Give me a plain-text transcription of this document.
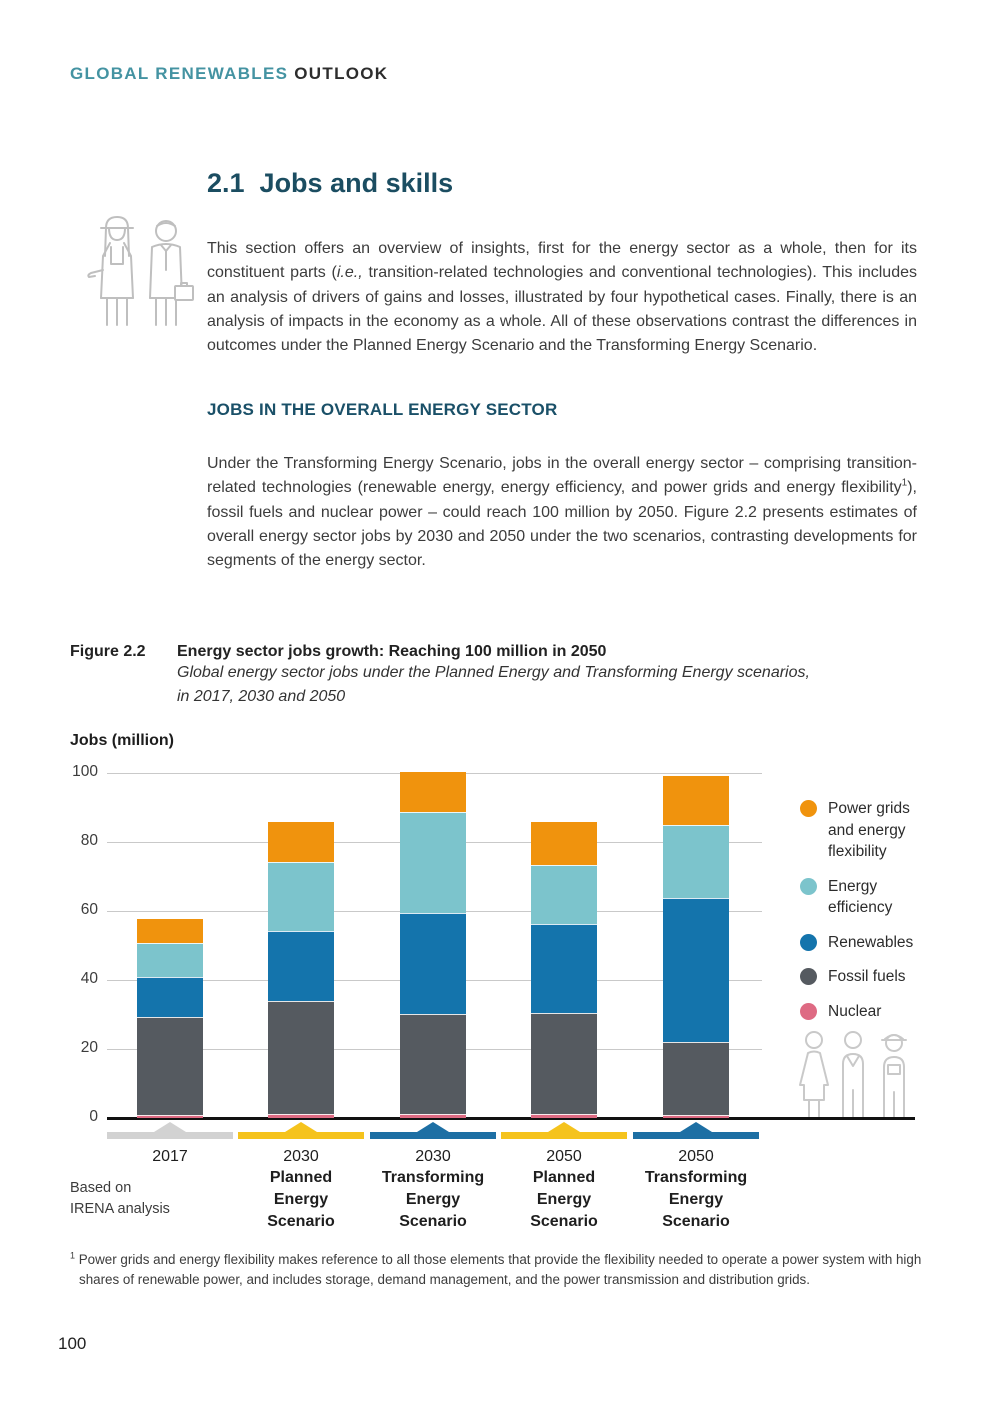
GLOBAL RENEWABLES OUTLOOK
2.1 Jobs and skills

This section offers an overview of insights, first for the energy sector as a whole, then for its constituent parts (i.e., transition-related technologies and conventional technologies). This includes an analysis of drivers of gains and losses, illustrated by four hypothetical cases. Finally, there is an analysis of impacts in the economy as a whole. All of these observations contrast the differences in outcomes under the Planned Energy Scenario and the Transforming Energy Scenario.

JOBS IN THE OVERALL ENERGY SECTOR

Under the Transforming Energy Scenario, jobs in the overall energy sector – comprising transition-related technologies (renewable energy, energy efficiency, and power grids and energy flexibility$^1$), fossil fuels and nuclear power – could reach 100 million by 2050. Figure 2.2 presents estimates of overall energy sector jobs by 2030 and 2050 under the two scenarios, contrasting developments for segments of the energy sector.

Figure 2.2	Energy sector jobs growth: Reaching 100 million in 2050
Global energy sector jobs under the Planned Energy and Transforming Energy scenarios,
in 2017, 2030 and 2050
Jobs (million)
Power grids
and energy
flexibility
Energy
efficiency
Renewables
Fossil fuels
Nuclear
Based on
IRENA analysis
0
20
40
60
80
100
2017	2030
Planned
Energy
Scenario
2030
Transforming
Energy
Scenario
2050
Planned
Energy
Scenario
2050
Transforming
Energy
Scenario
$^1$ Power grids and energy flexibility makes reference to all those elements that provide the flexibility needed to operate a power system with high shares of renewable power, and includes storage, demand management, and the power transmission and distribution grids.
100
